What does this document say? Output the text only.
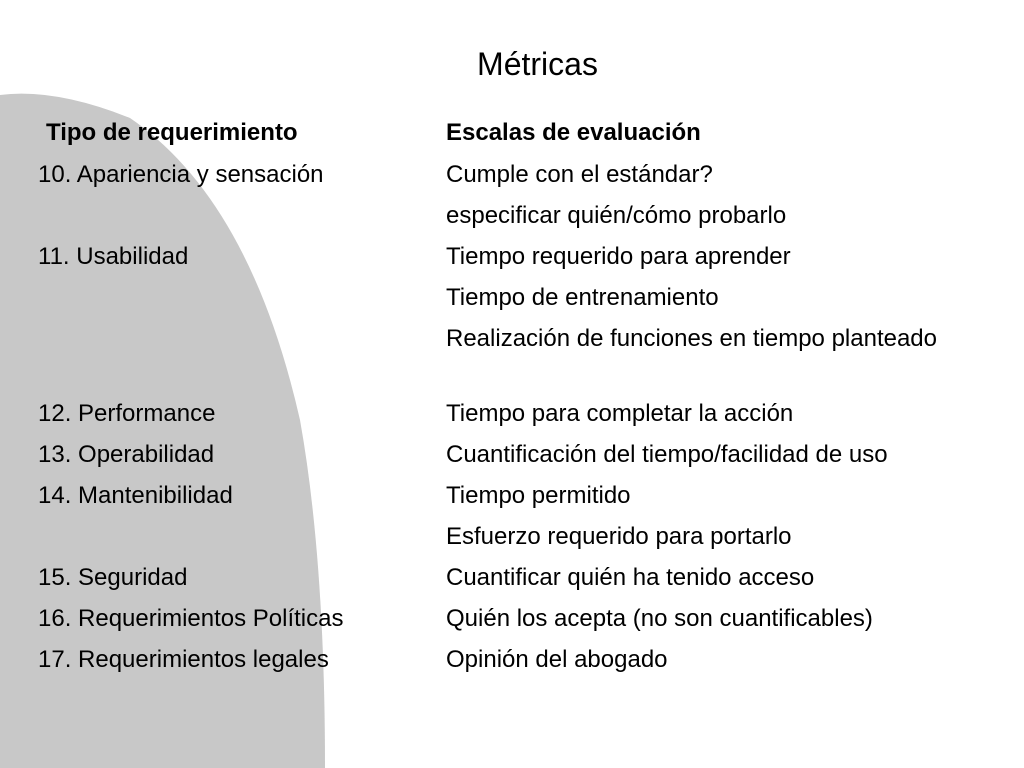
Métricas
Tipo de requerimiento	Escalas de evaluación
10. Apariencia y sensación	Cumple con el estándar?
especificar quién/cómo probarlo
11. Usabilidad	Tiempo requerido para aprender
Tiempo de entrenamiento
Realización de funciones en tiempo planteado
12. Performance	Tiempo para completar la acción
13. Operabilidad	Cuantificación del tiempo/facilidad de uso
14. Mantenibilidad	Tiempo permitido
Esfuerzo requerido para portarlo
15. Seguridad	Cuantificar quién ha tenido acceso
16. Requerimientos Políticas	Quién los acepta (no son cuantificables)
17. Requerimientos legales	Opinión del abogado
